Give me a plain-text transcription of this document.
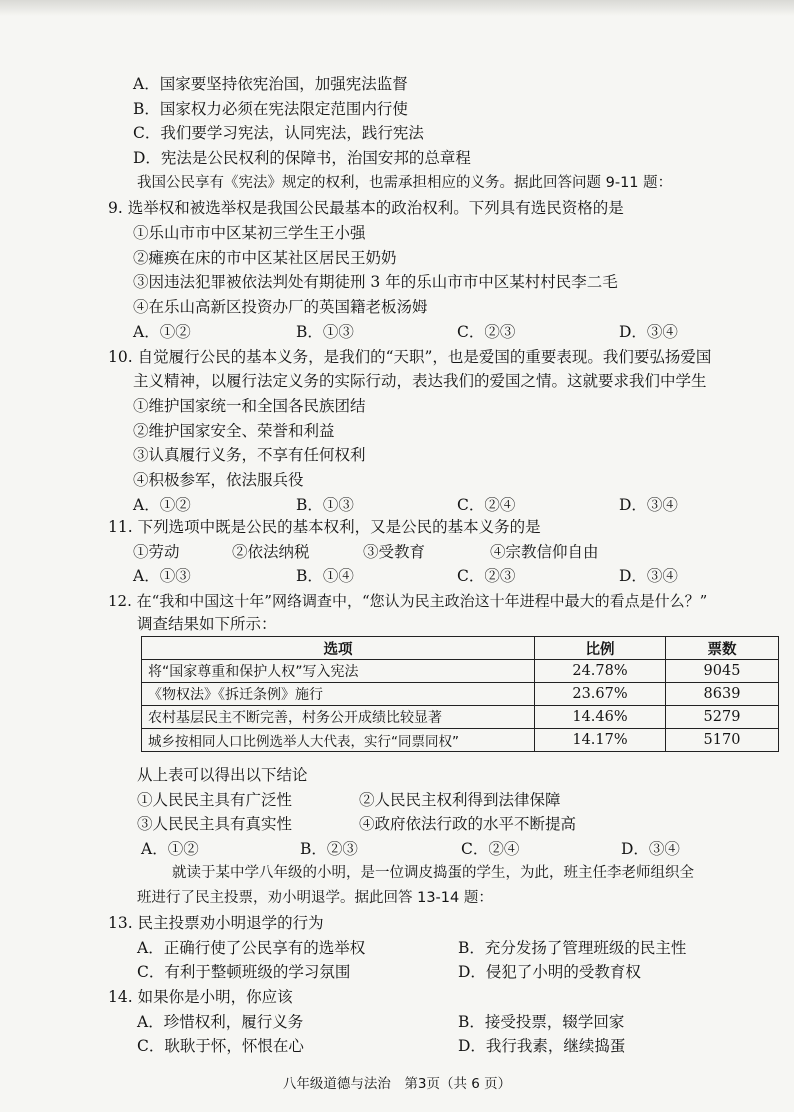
A．国家要坚持依宪治国，加强宪法监督
B．国家权力必须在宪法限定范围内行使
C．我们要学习宪法，认同宪法，践行宪法
D．宪法是公民权利的保障书，治国安邦的总章程
我国公民享有《宪法》规定的权利，也需承担相应的义务。据此回答问题 9-11 题：
9. 选举权和被选举权是我国公民最基本的政治权利。下列具有选民资格的是
①乐山市市中区某初三学生王小强
②瘫痪在床的市中区某社区居民王奶奶
③因违法犯罪被依法判处有期徒刑 3 年的乐山市市中区某村村民李二毛
④在乐山高新区投资办厂的英国籍老板汤姆
A．①②	B．①③	C．②③	D．③④
10. 自觉履行公民的基本义务，是我们的“天职”，也是爱国的重要表现。我们要弘扬爱国
主义精神，以履行法定义务的实际行动，表达我们的爱国之情。这就要求我们中学生
①维护国家统一和全国各民族团结
②维护国家安全、荣誉和利益
③认真履行义务，不享有任何权利
④积极参军，依法服兵役
A．①②	B．①③	C．②④	D．③④
11. 下列选项中既是公民的基本权利，又是公民的基本义务的是
①劳动	②依法纳税	③受教育	④宗教信仰自由
A．①③	B．①④	C．②③	D．③④
12. 在“我和中国这十年”网络调查中，“您认为民主政治这十年进程中最大的看点是什么？”
调查结果如下所示：
选项	比例	票数
将“国家尊重和保护人权”写入宪法	24.78%	9045
《物权法》《拆迁条例》施行	23.67%	8639
农村基层民主不断完善，村务公开成绩比较显著	14.46%	5279
城乡按相同人口比例选举人大代表，实行“同票同权”	14.17%	5170
从上表可以得出以下结论
①人民民主具有广泛性	②人民民主权利得到法律保障
③人民民主具有真实性	④政府依法行政的水平不断提高
A．①②	B．②③	C．②④	D．③④
就读于某中学八年级的小明，是一位调皮捣蛋的学生，为此，班主任李老师组织全
班进行了民主投票，劝小明退学。据此回答 13-14 题：
13. 民主投票劝小明退学的行为
A．正确行使了公民享有的选举权	B．充分发扬了管理班级的民主性
C．有利于整顿班级的学习氛围	D．侵犯了小明的受教育权
14. 如果你是小明，你应该
A．珍惜权利，履行义务	B．接受投票，辍学回家
C．耿耿于怀，怀恨在心	D．我行我素，继续捣蛋
八年级道德与法治　第3页（共 6 页）
